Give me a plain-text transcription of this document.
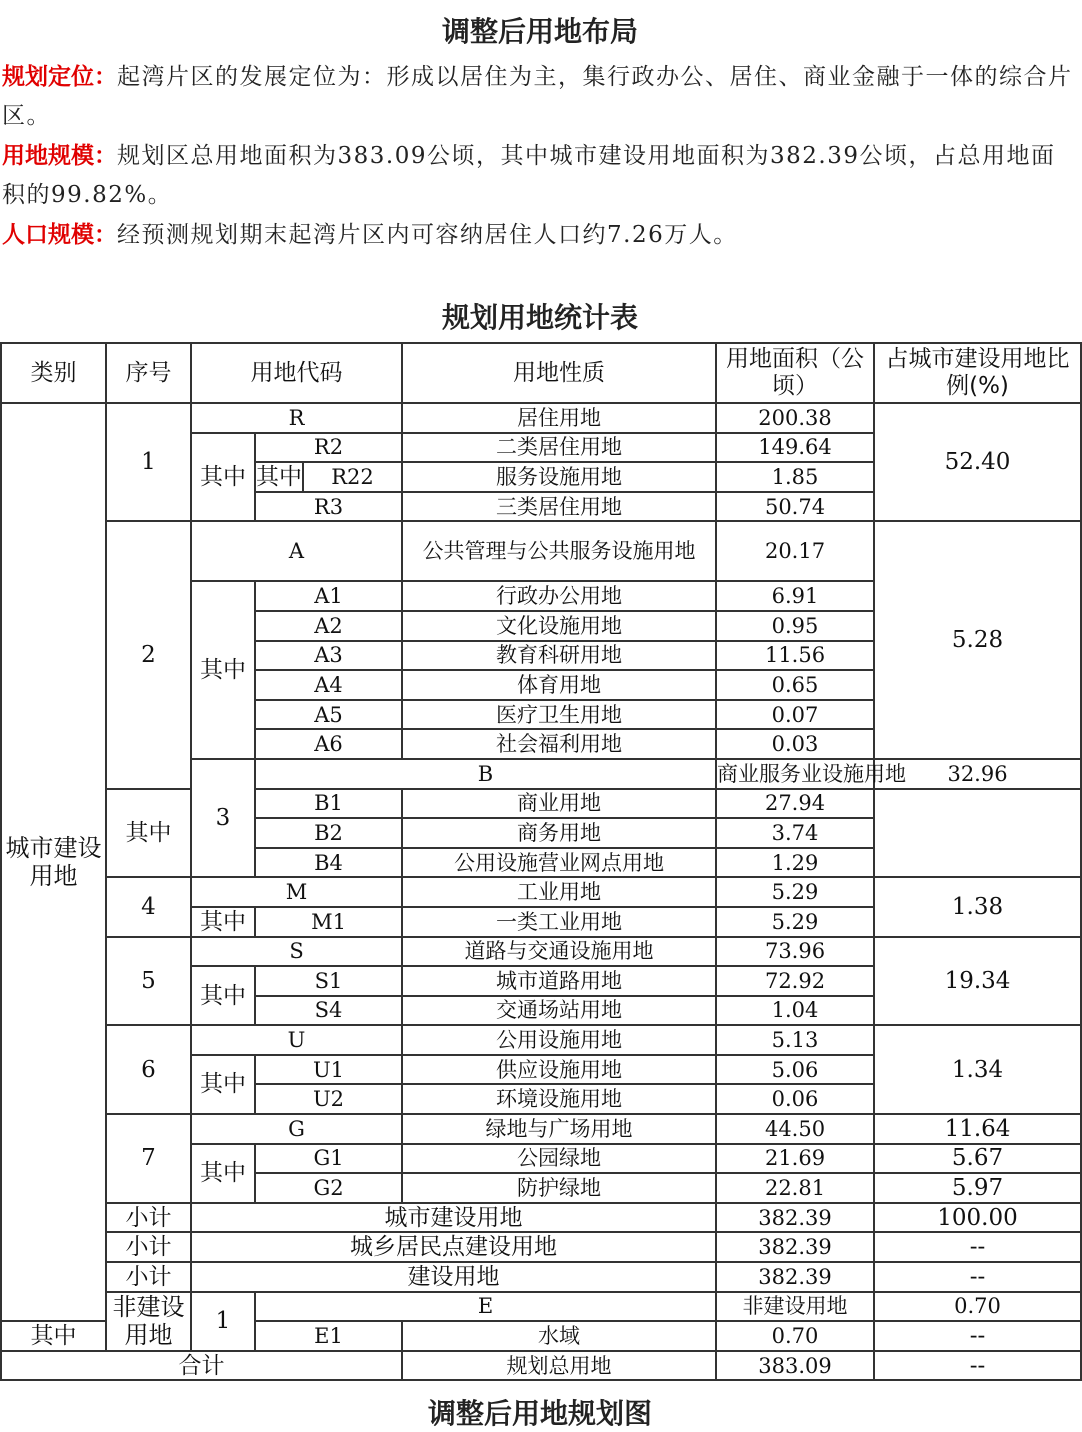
调整后用地布局
规划定位：起湾片区的发展定位为：形成以居住为主，集行政办公、居住、商业金融于一体的综合片区。
用地规模：规划区总用地面积为383.09公顷，其中城市建设用地面积为382.39公顷，占总用地面积的99.82%。
人口规模：经预测规划期末起湾片区内可容纳居住人口约7.26万人。
规划用地统计表
类别	序号	用地代码			用地性质	用地面积（公顷）	占城市建设用地比例(%)	
城市建设用地	1	R			居住用地	200.38	52.40	
		其中	R2		二类居住用地	149.64		
			其中	R22	服务设施用地	1.85		
			R3		三类居住用地	50.74		
	2	A			公共管理与公共服务设施用地	20.17	5.28	
		其中	A1		行政办公用地	6.91		
			A2		文化设施用地	0.95		
			A3		教育科研用地	11.56		
			A4		体育用地	0.65		
			A5		医疗卫生用地	0.07		
			A6		社会福利用地	0.03		
		3	B			商业服务业设施用地	32.96	
	其中		B1		商业用地	27.94		
			B2		商务用地	3.74		
			B4		公用设施营业网点用地	1.29		
	4	M			工业用地	5.29	1.38	
		其中	M1		一类工业用地	5.29		
	5	S			道路与交通设施用地	73.96	19.34	
		其中	S1		城市道路用地	72.92		
			S4		交通场站用地	1.04		
	6	U			公用设施用地	5.13	1.34	
		其中	U1		供应设施用地	5.06		
			U2		环境设施用地	0.06		
	7	G			绿地与广场用地	44.50	11.64	
		其中	G1		公园绿地	21.69	5.67	
			G2		防护绿地	22.81	5.97	
	小计	城市建设用地				382.39	100.00	
	小计	城乡居民点建设用地				382.39	--	
	小计	建设用地				382.39	--	
	非建设用地	1	E			非建设用地	0.70	
其中			E1		水域	0.70	--	
合计					规划总用地	383.09	--	
调整后用地规划图
